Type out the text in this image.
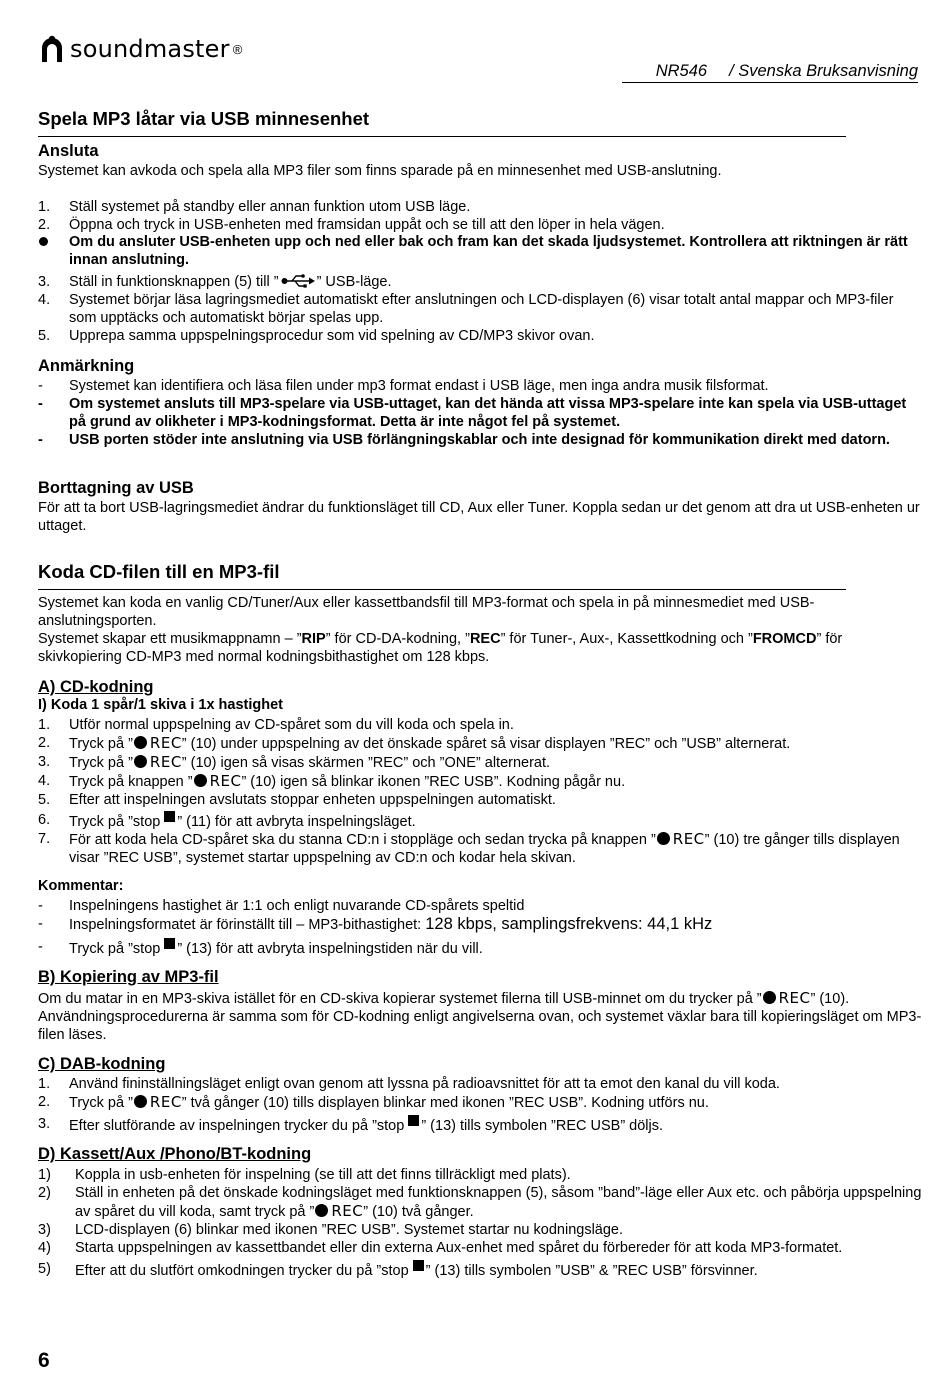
soundmaster ®
NR546 / Svenska Bruksanvisning
Spela MP3 låtar via USB minnesenhet
Ansluta
Systemet kan avkoda och spela alla MP3 filer som finns sparade på en minnesenhet med USB-anslutning.
1.	Ställ systemet på standby eller annan funktion utom USB läge.
2.	Öppna och tryck in USB-enheten med framsidan uppåt och se till att den löper in hela vägen.
Om du ansluter USB-enheten upp och ned eller bak och fram kan det skada ljudsystemet. Kontrollera att riktningen är rätt innan anslutning.
3.	Ställ in funktionsknappen (5) till ”	” USB-läge.
4.	Systemet börjar läsa lagringsmediet automatiskt efter anslutningen och LCD-displayen (6) visar totalt antal mappar och MP3-filer som upptäcks och automatiskt börjar spelas upp.
5.	Upprepa samma uppspelningsprocedur som vid spelning av CD/MP3 skivor ovan.
Anmärkning
-	Systemet kan identifiera och läsa filen under mp3 format endast i USB läge, men inga andra musik filsformat.
-	Om systemet ansluts till MP3-spelare via USB-uttaget, kan det hända att vissa MP3-spelare inte kan spela via USB-uttaget på grund av olikheter i MP3-kodningsformat. Detta är inte något fel på systemet.
-	USB porten stöder inte anslutning via USB förlängningskablar och inte designad för kommunikation direkt med datorn.
Borttagning av USB
För att ta bort USB-lagringsmediet ändrar du funktionsläget till CD, Aux eller Tuner. Koppla sedan ur det genom att dra ut USB-enheten ur uttaget.
Koda CD-filen till en MP3-fil
Systemet kan koda en vanlig CD/Tuner/Aux eller kassettbandsfil till MP3-format och spela in på minnesmediet med USB-anslutningsporten.
Systemet skapar ett musikmappnamn – ”RIP” för CD-DA-kodning, ”REC” för Tuner-, Aux-, Kassettkodning och ”FROMCD” för skivkopiering CD-MP3 med normal kodningsbithastighet om 128 kbps.
A) CD-kodning
I) Koda 1 spår/1 skiva i 1x hastighet
1.	Utför normal uppspelning av CD-spåret som du vill koda och spela in.
2.	Tryck på ” REC” (10) under uppspelning av det önskade spåret så visar displayen ”REC” och ”USB” alternerat.
3.	Tryck på ” REC” (10) igen så visas skärmen ”REC” och ”ONE” alternerat.
4.	Tryck på knappen ” REC” (10) igen så blinkar ikonen ”REC USB”. Kodning pågår nu.
5.	Efter att inspelningen avslutats stoppar enheten uppspelningen automatiskt.
6.	Tryck på ”stop ” (11) för att avbryta inspelningsläget.
7.	För att koda hela CD-spåret ska du stanna CD:n i stoppläge och sedan trycka på knappen ” REC” (10) tre gånger tills displayen visar ”REC USB”, systemet startar uppspelning av CD:n och kodar hela skivan.
Kommentar:
-	Inspelningens hastighet är 1:1 och enligt nuvarande CD-spårets speltid
-	Inspelningsformatet är förinställt till – MP3-bithastighet: 128 kbps, samplingsfrekvens: 44,1 kHz
-	Tryck på ”stop ” (13) för att avbryta inspelningstiden när du vill.
B) Kopiering av MP3-fil
Om du matar in en MP3-skiva istället för en CD-skiva kopierar systemet filerna till USB-minnet om du trycker på ” REC” (10). Användningsprocedurerna är samma som för CD-kodning enligt angivelserna ovan, och systemet växlar bara till kopieringsläget om MP3-filen läses.
C) DAB-kodning
1.	Använd fininställningsläget enligt ovan genom att lyssna på radioavsnittet för att ta emot den kanal du vill koda.
2.	Tryck på ” REC” två gånger (10) tills displayen blinkar med ikonen ”REC USB”. Kodning utförs nu.
3.	Efter slutförande av inspelningen trycker du på ”stop ” (13) tills symbolen ”REC USB” döljs.
D) Kassett/Aux /Phono/BT-kodning
1)	Koppla in usb-enheten för inspelning (se till att det finns tillräckligt med plats).
2)	Ställ in enheten på det önskade kodningsläget med funktionsknappen (5), såsom ”band”-läge eller Aux etc. och påbörja uppspelning av spåret du vill koda, samt tryck på ” REC” (10) två gånger.
3)	LCD-displayen (6) blinkar med ikonen ”REC USB”. Systemet startar nu kodningsläge.
4)	Starta uppspelningen av kassettbandet eller din externa Aux-enhet med spåret du förbereder för att koda MP3-formatet.
5)	Efter att du slutfört omkodningen trycker du på ”stop ” (13) tills symbolen ”USB” & ”REC USB” försvinner.
6
